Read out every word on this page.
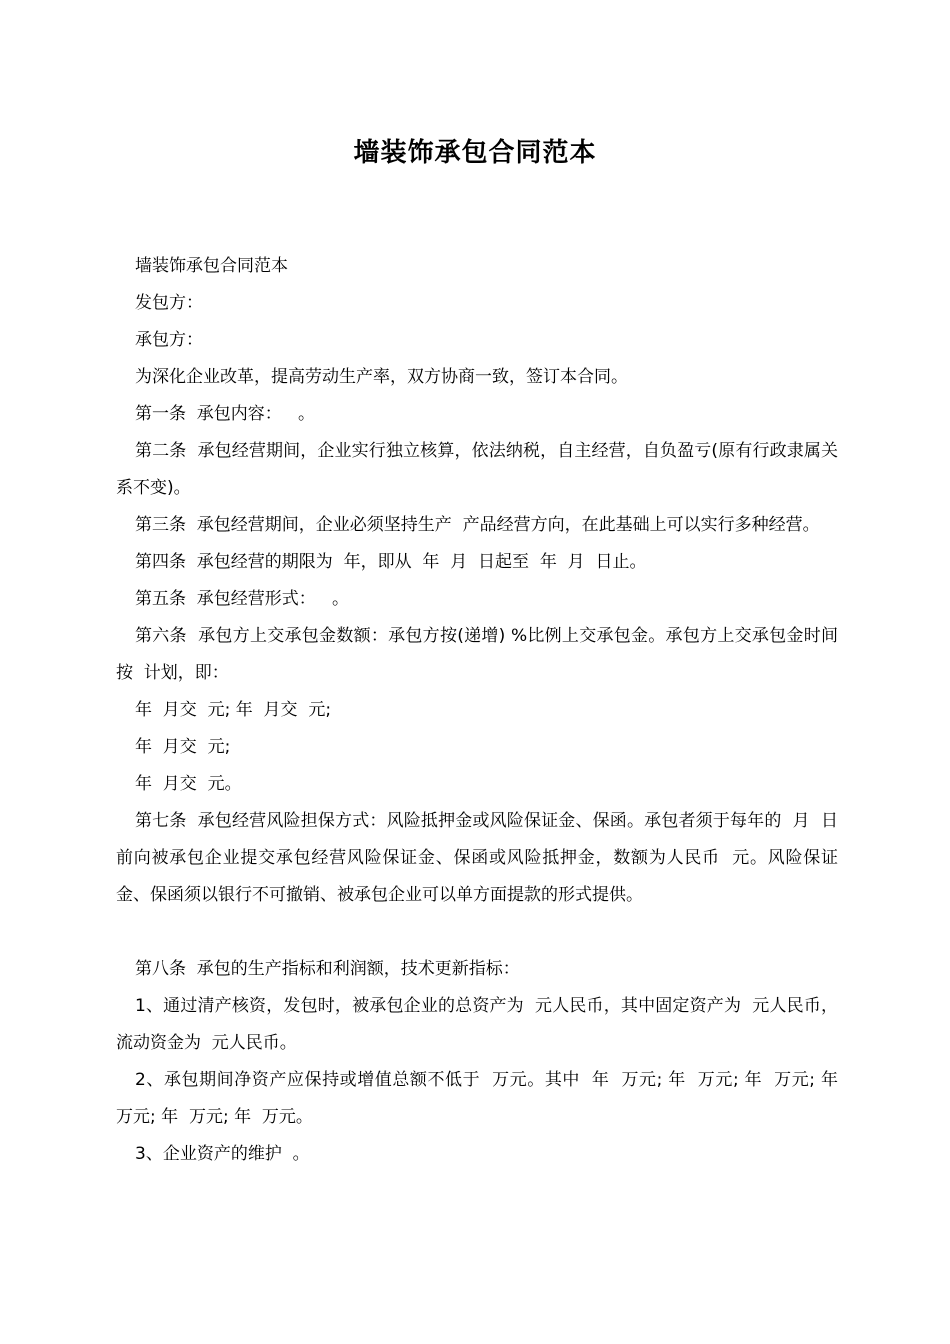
墙装饰承包合同范本

墙装饰承包合同范本

发包方：

承包方：

为深化企业改革，提高劳动生产率，双方协商一致，签订本合同。

第一条  承包内容：   。

第二条  承包经营期间，企业实行独立核算，依法纳税，自主经营，自负盈亏(原有行政隶属关系不变)。

第三条  承包经营期间，企业必须坚持生产  产品经营方向，在此基础上可以实行多种经营。

第四条  承包经营的期限为  年，即从  年  月  日起至  年  月  日止。

第五条  承包经营形式：   。

第六条  承包方上交承包金数额：承包方按(递增) %比例上交承包金。承包方上交承包金时间按  计划，即：

年  月交  元; 年  月交  元;

年  月交  元;

年  月交  元。

第七条  承包经营风险担保方式：风险抵押金或风险保证金、保函。承包者须于每年的  月  日前向被承包企业提交承包经营风险保证金、保函或风险抵押金，数额为人民币  元。风险保证金、保函须以银行不可撤销、被承包企业可以单方面提款的形式提供。

第八条  承包的生产指标和利润额，技术更新指标：

1、通过清产核资，发包时，被承包企业的总资产为  元人民币，其中固定资产为  元人民币，流动资金为  元人民币。

2、承包期间净资产应保持或增值总额不低于  万元。其中  年  万元; 年  万元; 年  万元; 年  万元; 年  万元; 年  万元。

3、企业资产的维护  。
